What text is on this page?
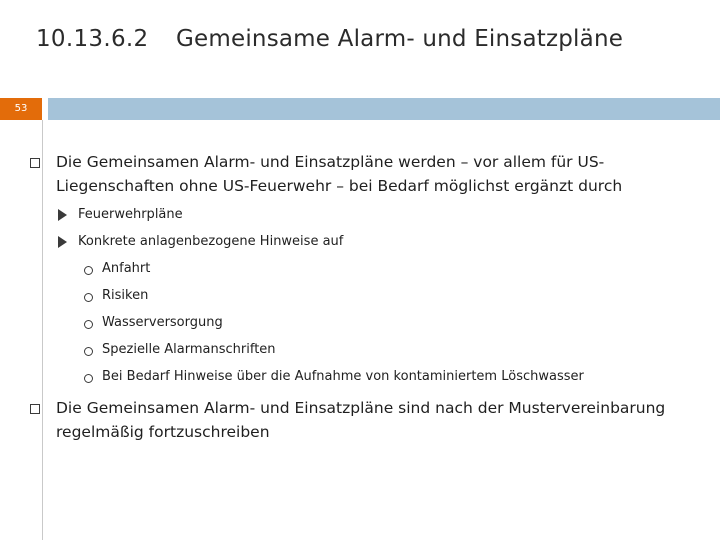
10.13.6.2 Gemeinsame Alarm- und Einsatzpläne
53
Die Gemeinsamen Alarm- und Einsatzpläne werden – vor allem für US-Liegenschaften ohne US-Feuerwehr – bei Bedarf möglichst ergänzt durch
Feuerwehrpläne
Konkrete anlagenbezogene Hinweise auf
Anfahrt
Risiken
Wasserversorgung
Spezielle Alarmanschriften
Bei Bedarf Hinweise über die Aufnahme von kontaminiertem Löschwasser
Die Gemeinsamen Alarm- und Einsatzpläne sind nach der Mustervereinbarung regelmäßig fortzuschreiben
